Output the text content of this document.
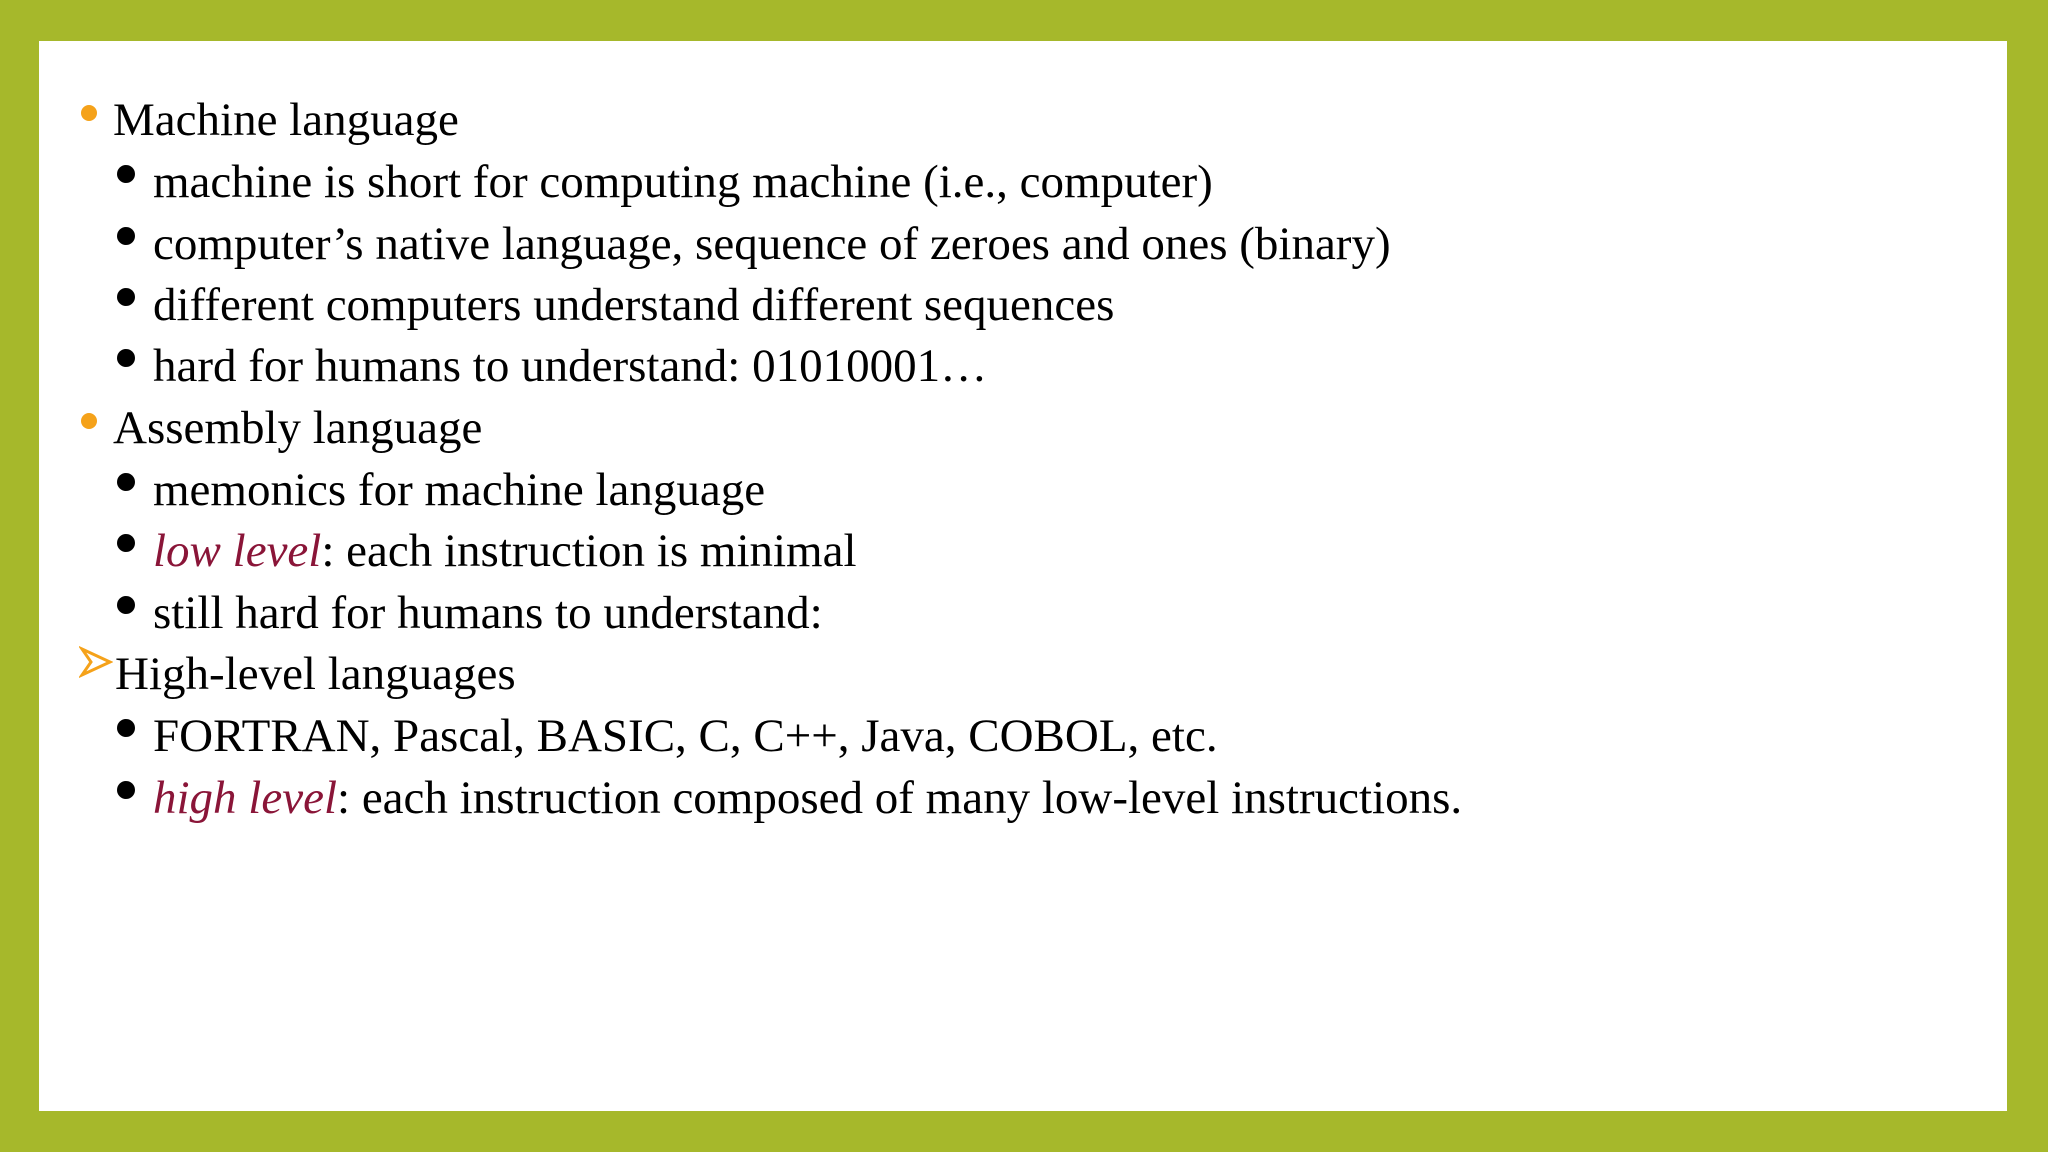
Machine language
machine is short for computing machine (i.e., computer)
computer’s native language, sequence of zeroes and ones (binary)
different computers understand different sequences
hard for humans to understand: 01010001…
Assembly language
memonics for machine language
low level: each instruction is minimal
still hard for humans to understand:
High-level languages
FORTRAN, Pascal, BASIC, C, C++, Java, COBOL, etc.
high level: each instruction composed of many low-level instructions.
